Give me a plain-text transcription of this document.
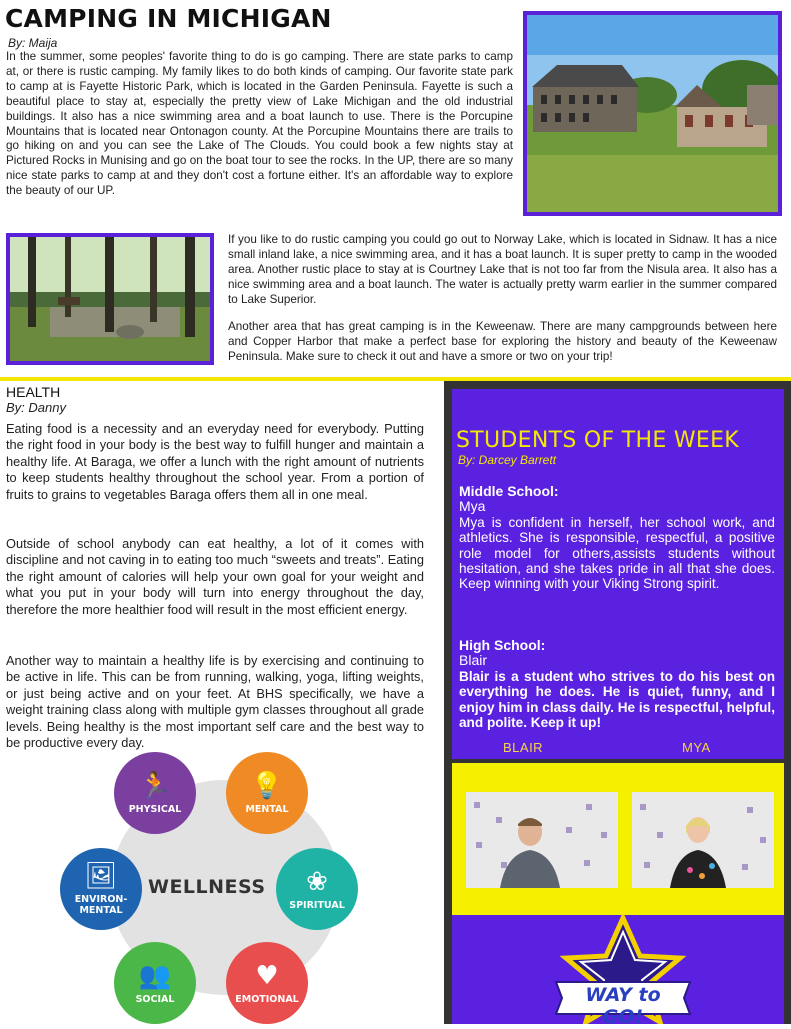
CAMPING IN MICHIGAN
By: Maija
In the summer, some peoples' favorite thing to do is go camping. There are state parks to camp at, or there is rustic camping. My family likes to do both kinds of camping. Our favorite state park to camp at is Fayette Historic Park, which is located in the Garden Peninsula. Fayette is such a beautiful place to stay at, especially the pretty view of Lake Michigan and the old industrial buildings. It also has a nice swimming area and a boat launch to use. There is the Porcupine Mountains that is located near Ontonagon county. At the Porcupine Mountains there are trails to go hiking on and you can see the Lake of The Clouds. You could book a few nights stay at Pictured Rocks in Munising and go on the boat tour to see the rocks. In the UP, there are so many nice state parks to camp at and they don't cost a fortune either. It's an affordable way to explore the beauty of our UP.
If you like to do rustic camping you could go out to Norway Lake, which is located in Sidnaw. It has a nice small inland lake, a nice swimming area, and it has a boat launch. It is super pretty to camp in the wooded area. Another rustic place to stay at is Courtney Lake that is not too far from the Nisula area. It also has a nice swimming area and a boat launch. The water is actually pretty warm earlier in the summer compared to Lake Superior.
Another area that has great camping is in the Keweenaw. There are many campgrounds between here and Copper Harbor that make a perfect base for exploring the history and beauty of the Keweenaw Peninsula. Make sure to check it out and have a smore or two on your trip!
HEALTH
By: Danny
Eating food is a necessity and an everyday need for everybody. Putting the right food in your body is the best way to fulfill hunger and maintain a healthy life. At Baraga, we offer a lunch with the right amount of nutrients to keep students healthy throughout the school year. From a portion of fruits to grains to vegetables Baraga offers them all in one meal.
Outside of school anybody can eat healthy, a lot of it comes with discipline and not caving in to eating too much “sweets and treats”. Eating the right amount of calories will help your own goal for your weight and what you put in your body will turn into energy throughout the day, therefore the more healthier food will result in the most efficient energy.
Another way to maintain a healthy life is by exercising and continuing to be active in life. This can be from running, walking, yoga, lifting weights, or just being active and on your feet. At BHS specifically, we have a weight training class along with multiple gym classes throughout all grade levels. Being healthy is the most important self care and the best way to be productive every day.
WELLNESS
🏃
PHYSICAL
💡
MENTAL
❀
SPIRITUAL
♥
EMOTIONAL
👥
SOCIAL
🖼
ENVIRON-
MENTAL
STUDENTS OF THE WEEK
By: Darcey Barrett
Middle School:
Mya
Mya is confident in herself, her school work, and athletics. She is responsible, respectful, a positive role model for others,assists students without hesitation, and she takes pride in all that she does. Keep winning with your Viking Strong spirit.
High School:
Blair
Blair is a student who strives to do his best on everything he does. He is quiet, funny, and I enjoy him in class daily. He is respectful, helpful, and polite. Keep it up!
BLAIR	MYA
WAY to GO!
